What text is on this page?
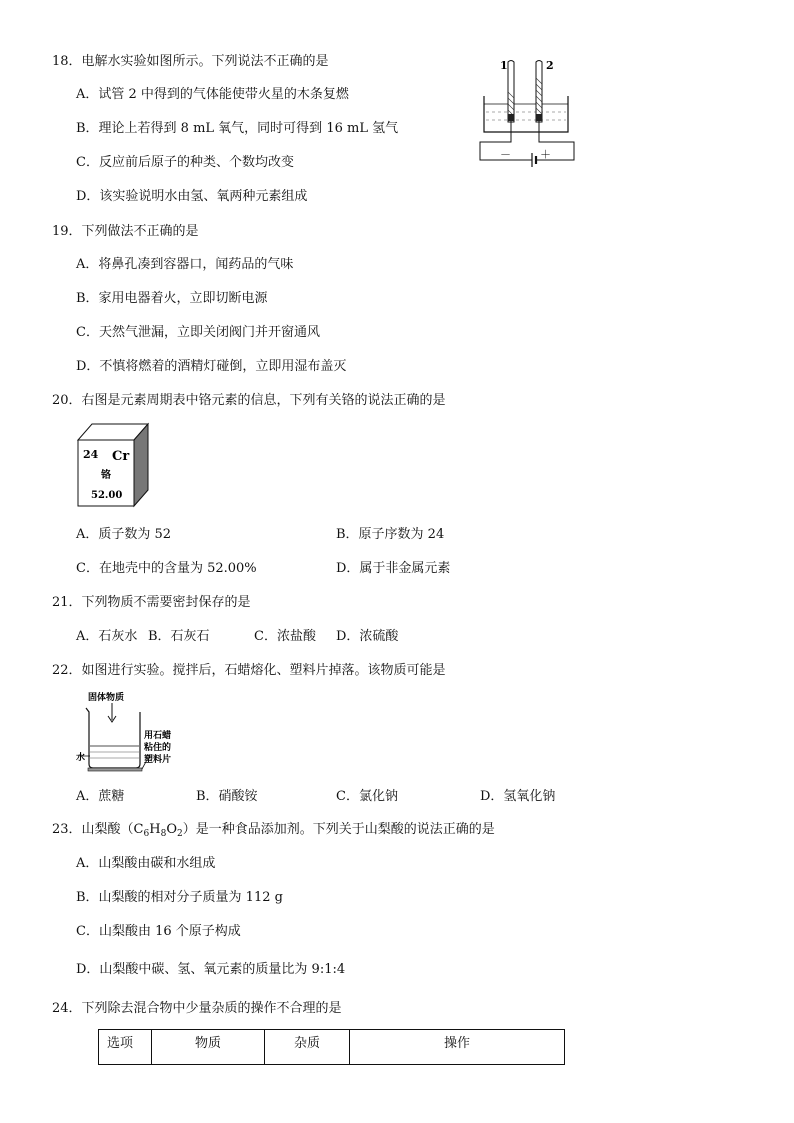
18．电解水实验如图所示。下列说法不正确的是
A．试管 2 中得到的气体能使带火星的木条复燃
B．理论上若得到 8 mL 氧气，同时可得到 16 mL 氢气
C．反应前后原子的种类、个数均改变
D．该实验说明水由氢、氧两种元素组成
1	2
－	＋
19．下列做法不正确的是
A．将鼻孔凑到容器口，闻药品的气味
B．家用电器着火，立即切断电源
C．天然气泄漏，立即关闭阀门并开窗通风
D．不慎将燃着的酒精灯碰倒，立即用湿布盖灭
20．右图是元素周期表中铬元素的信息，下列有关铬的说法正确的是
24 Cr
铬
52.00
A．质子数为 52	B．原子序数为 24
C．在地壳中的含量为 52.00%	D．属于非金属元素
21．下列物质不需要密封保存的是
A．石灰水 B．石灰石	C．浓盐酸 D．浓硫酸
22．如图进行实验。搅拌后，石蜡熔化、塑料片掉落。该物质可能是
固体物质
水
用石蜡
粘住的
塑料片
A．蔗糖	B．硝酸铵	C．氯化钠	D．氢氧化钠
23．山梨酸$(C_6H_8O_2)$是一种食品添加剂。下列关于山梨酸的说法正确的是
A．山梨酸由碳和水组成
B．山梨酸的相对分子质量为 112 g
C．山梨酸由 16 个原子构成
D．山梨酸中碳、氢、氧元素的质量比为 9:1:4
24．下列除去混合物中少量杂质的操作不合理的是
选项	物质	杂质	操作
